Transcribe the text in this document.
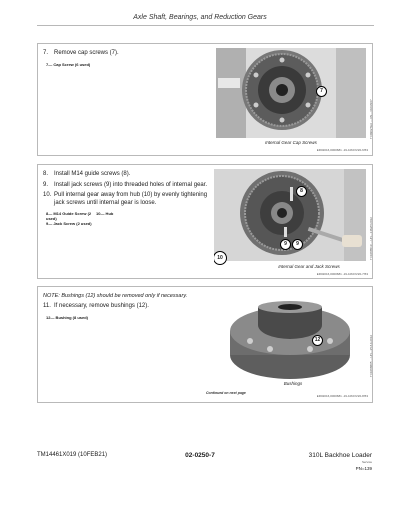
Axle Shaft, Bearings, and Reduction Gears
7. Remove cap screws (7).
7— Cap Screw (6 used)
7
Internal Gear Cap Screws
ER02016,0000681 -19-10NOV20-6/53
TX09027EA —UN—30JUN07
8. Install M14 guide screws (8).
9. Install jack screws (9) into threaded holes of internal gear.
10. Pull internal gear away from hub (10) by evenly tightening jack screws until internal gear is loose.
8— M14 Guide Screw (2 used)
10— Hub
9— Jack Screw (2 used)
8
9	9
10
Internal Gear and Jack Screws
ER02016,0000681 -19-10NOV20-7/53
TX1088519 —UN—14MAY2012
NOTE: Bushings (12) should be removed only if necessary.
11. If necessary, remove bushings (12).
12— Bushing (8 used)
12
Bushings
Continued on next page
ER02016,0000681 -19-10NOV20-8/53
TX1088805 —UN—25JUL2012
TM14461X019 (10FEB21)	02-0250-7	310L Backhoe Loader
Service
PN=139
